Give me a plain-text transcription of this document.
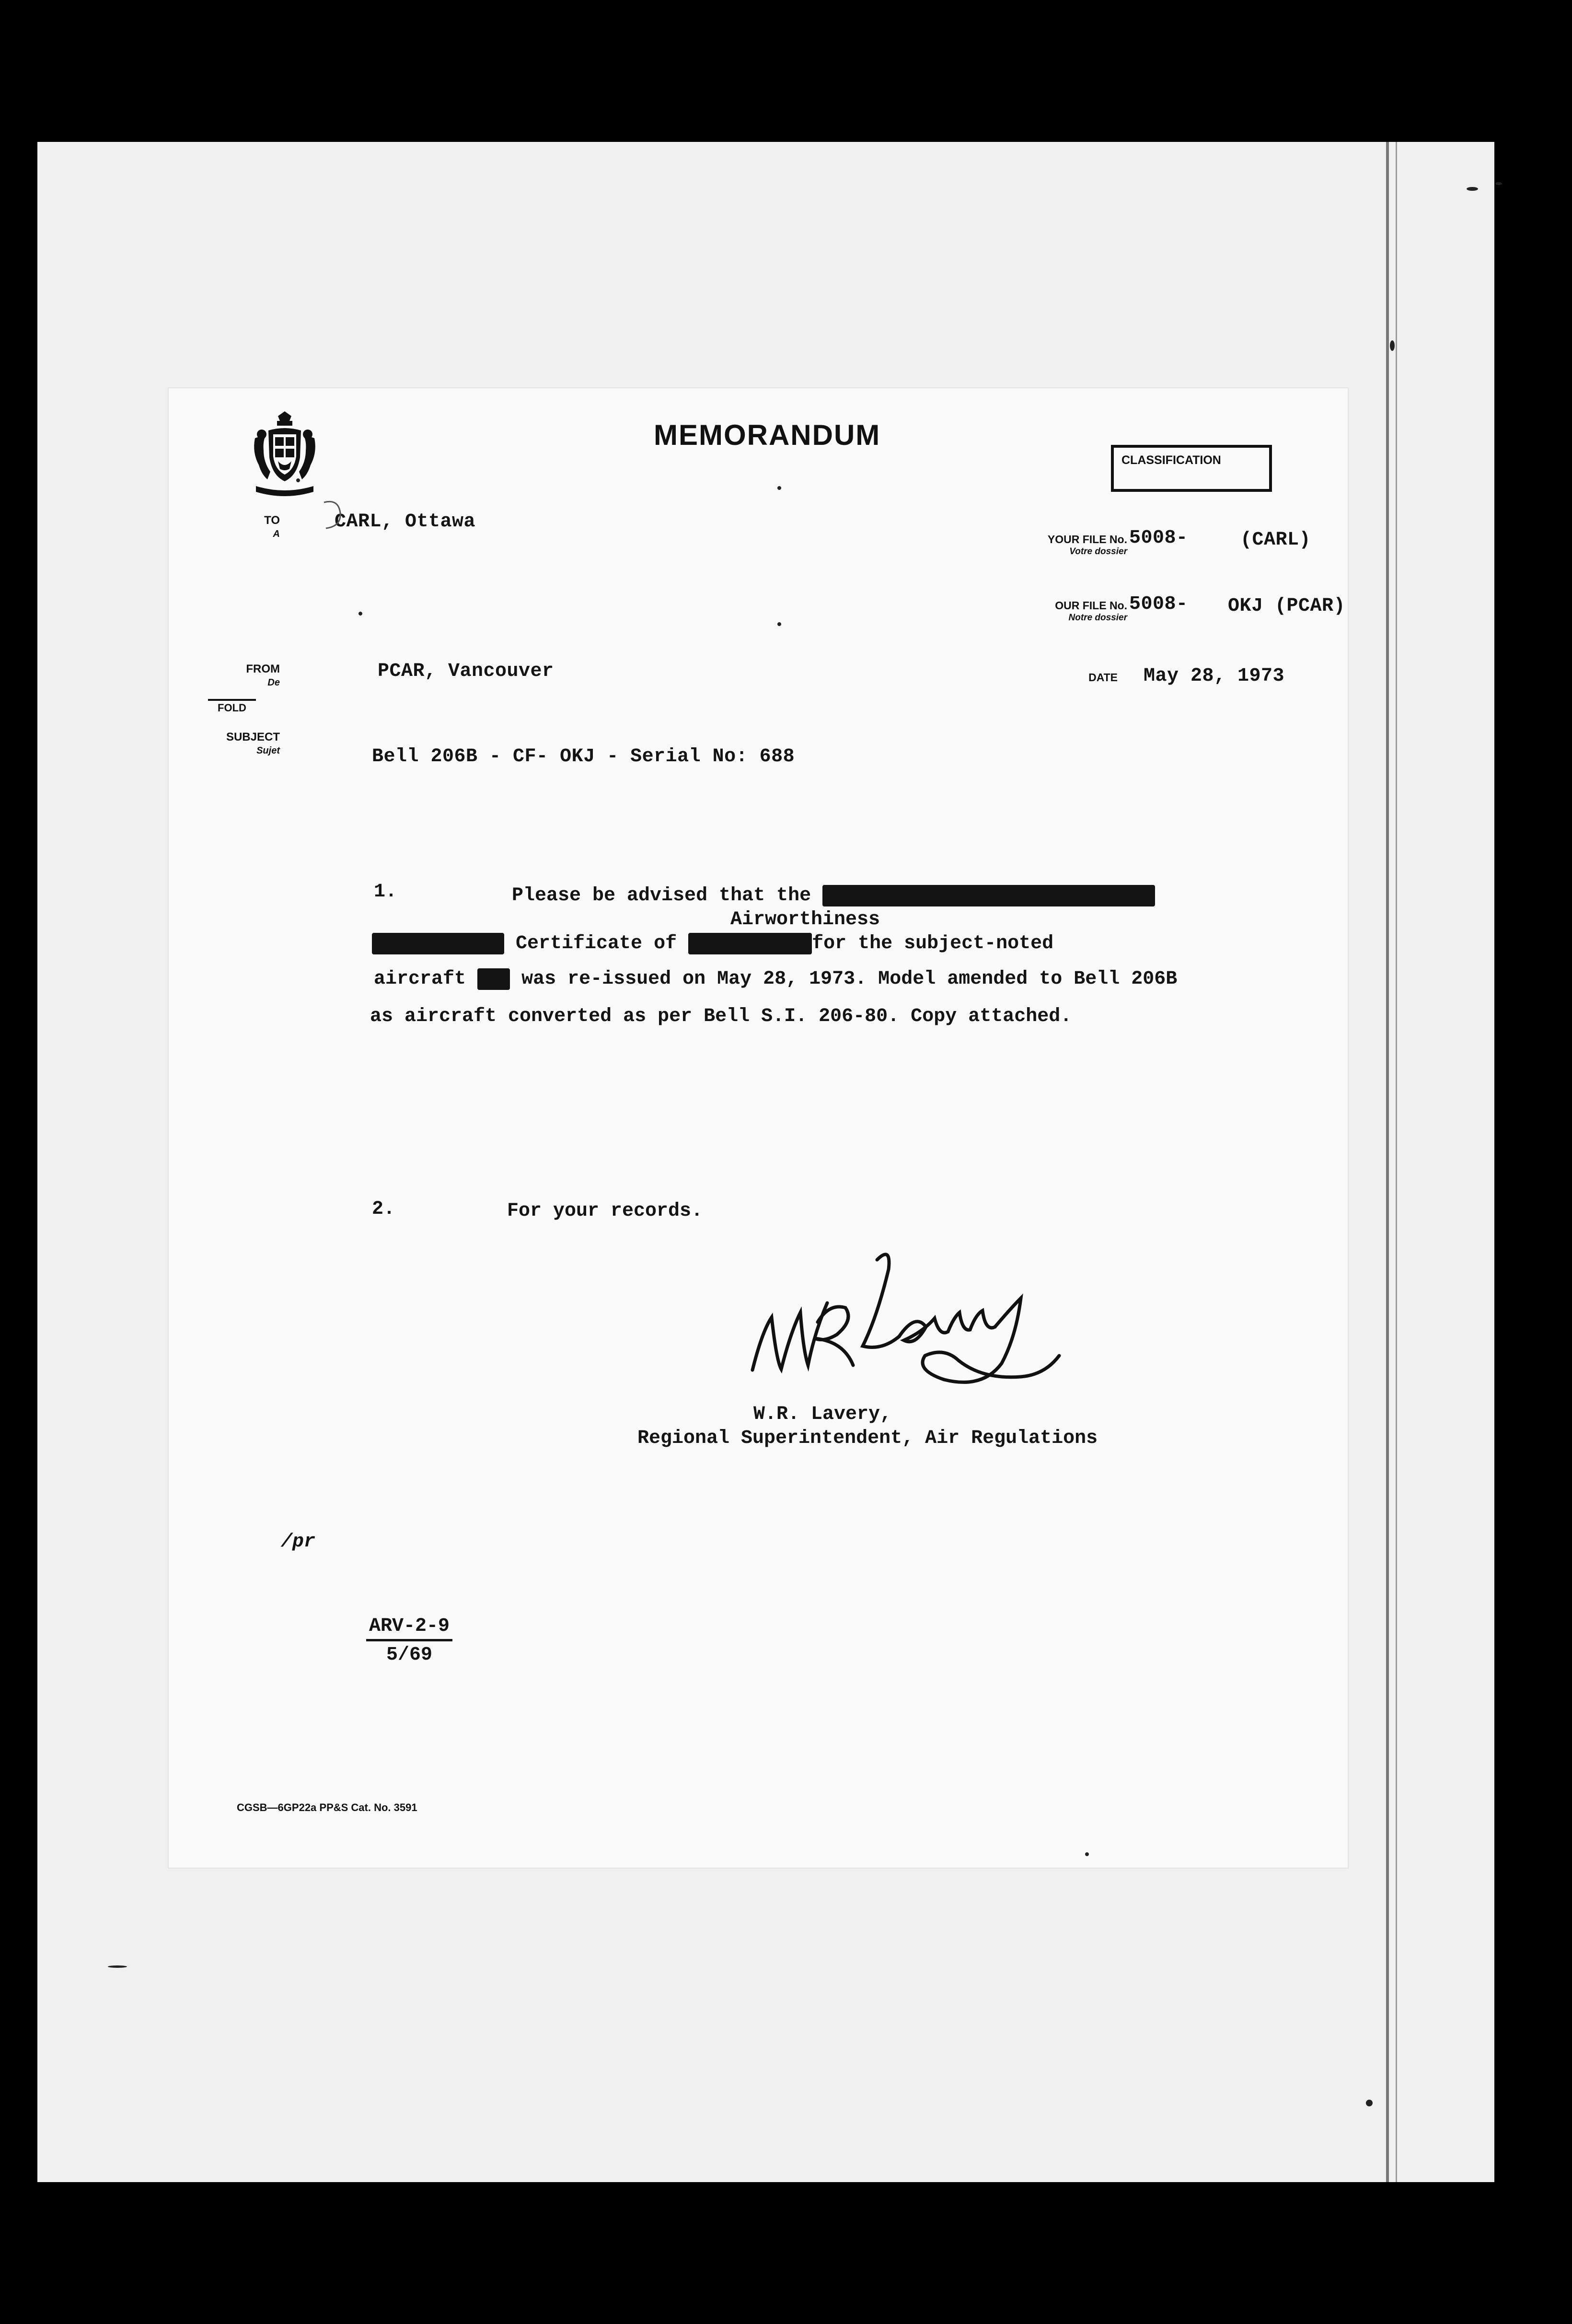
MEMORANDUM

CLASSIFICATION
TO
A

CARL, Ottawa

YOUR FILE No.
Votre dossier

5008-	(CARL)

OUR FILE No.
Notre dossier

5008- OKJ (PCAR)

FROM
De

PCAR, Vancouver	DATE May 28, 1973

FOLD

SUBJECT
Sujet	Bell 206B - CF- OKJ - Serial No: 688

1.	Please be advised that the

Airworthiness

Certificate of	for the subject-noted

aircraft	was re-issued on May 28, 1973. Model amended to Bell 206B

as aircraft converted as per Bell S.I. 206-80. Copy attached.

2.	For your records.

W.R. Lavery,

Regional Superintendent, Air Regulations

/pr

ARV-2-9
5/69

CGSB—6GP22a PP&S Cat. No. 3591
